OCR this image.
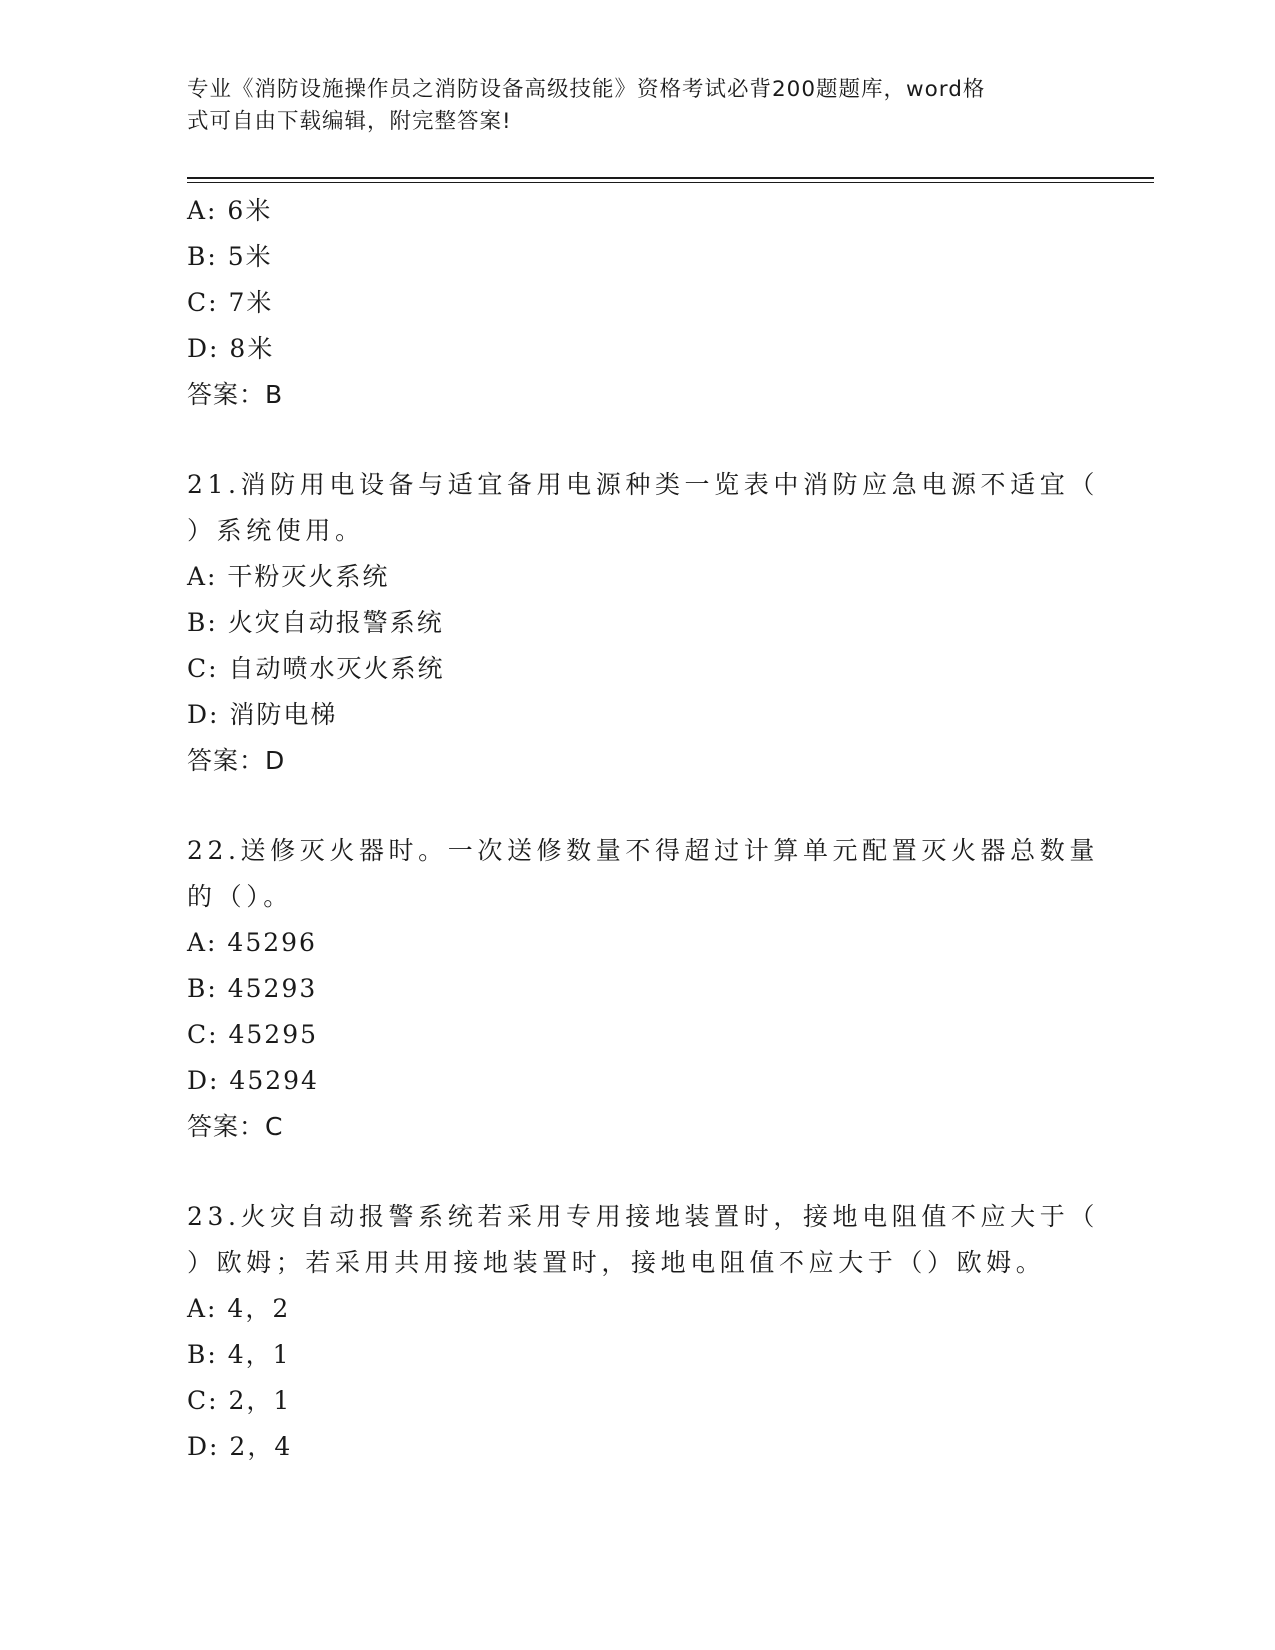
专业《消防设施操作员之消防设备高级技能》资格考试必背200题题库，word格
式可自由下载编辑，附完整答案!
A: 6米
B: 5米
C: 7米
D: 8米
答案：B
21.消防用电设备与适宜备用电源种类一览表中消防应急电源不适宜（
）系统使用。
A: 干粉灭火系统
B: 火灾自动报警系统
C: 自动喷水灭火系统
D: 消防电梯
答案：D
22.送修灭火器时。一次送修数量不得超过计算单元配置灭火器总数量
的（）。
A: 45296
B: 45293
C: 45295
D: 45294
答案：C
23.火灾自动报警系统若采用专用接地装置时，接地电阻值不应大于（
）欧姆；若采用共用接地装置时，接地电阻值不应大于（）欧姆。
A: 4，2
B: 4，1
C: 2，1
D: 2，4
